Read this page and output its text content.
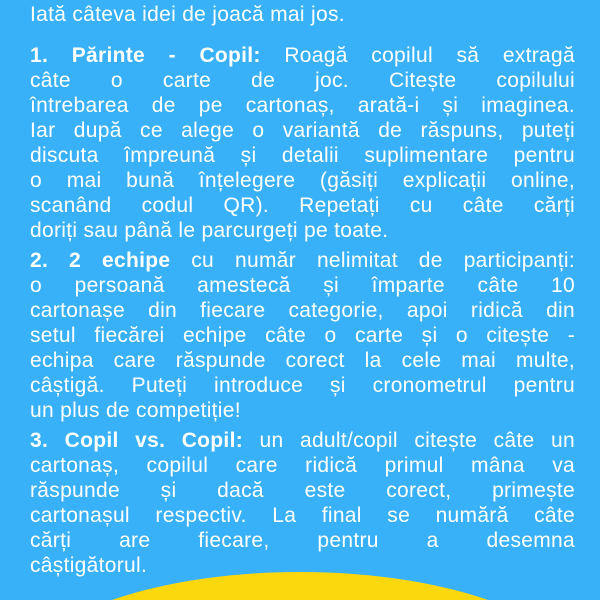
Iată câteva idei de joacă mai jos.
1. Părinte - Copil: Roagă copilul să extragă
câte o carte de joc. Citește copilului
întrebarea de pe cartonaș, arată-i și imaginea.
Iar după ce alege o variantă de răspuns, puteți
discuta împreună și detalii suplimentare pentru
o mai bună înțelegere (găsiți explicații online,
scanând codul QR). Repetați cu câte cărți
doriți sau până le parcurgeți pe toate.
2. 2 echipe cu număr nelimitat de participanți:
o persoană amestecă și împarte câte 10
cartonașe din fiecare categorie, apoi ridică din
setul fiecărei echipe câte o carte și o citește -
echipa care răspunde corect la cele mai multe,
câștigă. Puteți introduce și cronometrul pentru
un plus de competiție!
3. Copil vs. Copil: un adult/copil citește câte un
cartonaș, copilul care ridică primul mâna va
răspunde și dacă este corect, primește
cartonașul respectiv. La final se numără câte
cărți are fiecare, pentru a desemna
câștigătorul.
